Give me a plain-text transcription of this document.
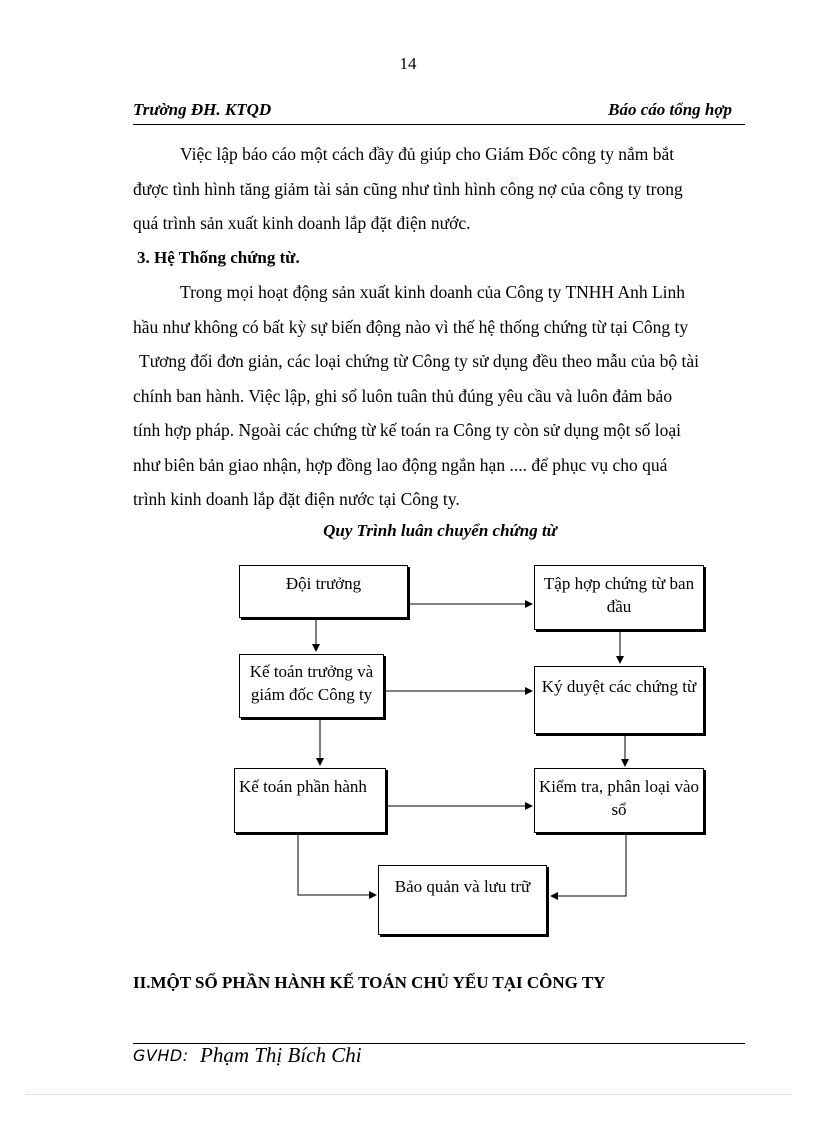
14
Trường ĐH. KTQD	Báo cáo tổng hợp

Việc lập báo cáo một cách đầy đủ giúp cho Giám Đốc công ty nắm bắt

được tình hình tăng giảm tài sản cũng như tình hình công nợ của công ty trong

quá trình sản xuất kinh doanh lắp đặt điện nước.

3. Hệ Thống chứng từ.

Trong mọi hoạt động sản xuất kinh doanh của Công ty TNHH Anh Linh

hầu như không có bất kỳ sự biến động nào vì thế hệ thống chứng từ tại Công ty

Tương đối đơn giản, các loại chứng từ Công ty sử dụng đều theo mẫu của bộ tài

chính ban hành. Việc lập, ghi sổ luôn tuân thủ đúng yêu cầu và luôn đảm bảo

tính hợp pháp. Ngoài các chứng từ kế toán ra Công ty còn sử dụng một số loại

như biên bản giao nhận, hợp đồng lao động ngắn hạn .... để phục vụ cho quá

trình kinh doanh lắp đặt điện nước tại Công ty.

Quy Trình luân chuyển chứng từ
Đội trưởng	Tập hợp chứng từ ban đầu
Kế toán trưởng và giám đốc Công ty	Ký duyệt các chứng từ
Kế toán phần hành	Kiểm tra, phân loại vào sổ
Bảo quản và lưu trữ
II.MỘT SỐ PHẦN HÀNH KẾ TOÁN CHỦ YẾU TẠI CÔNG TY
GVHD: Phạm Thị Bích Chi
